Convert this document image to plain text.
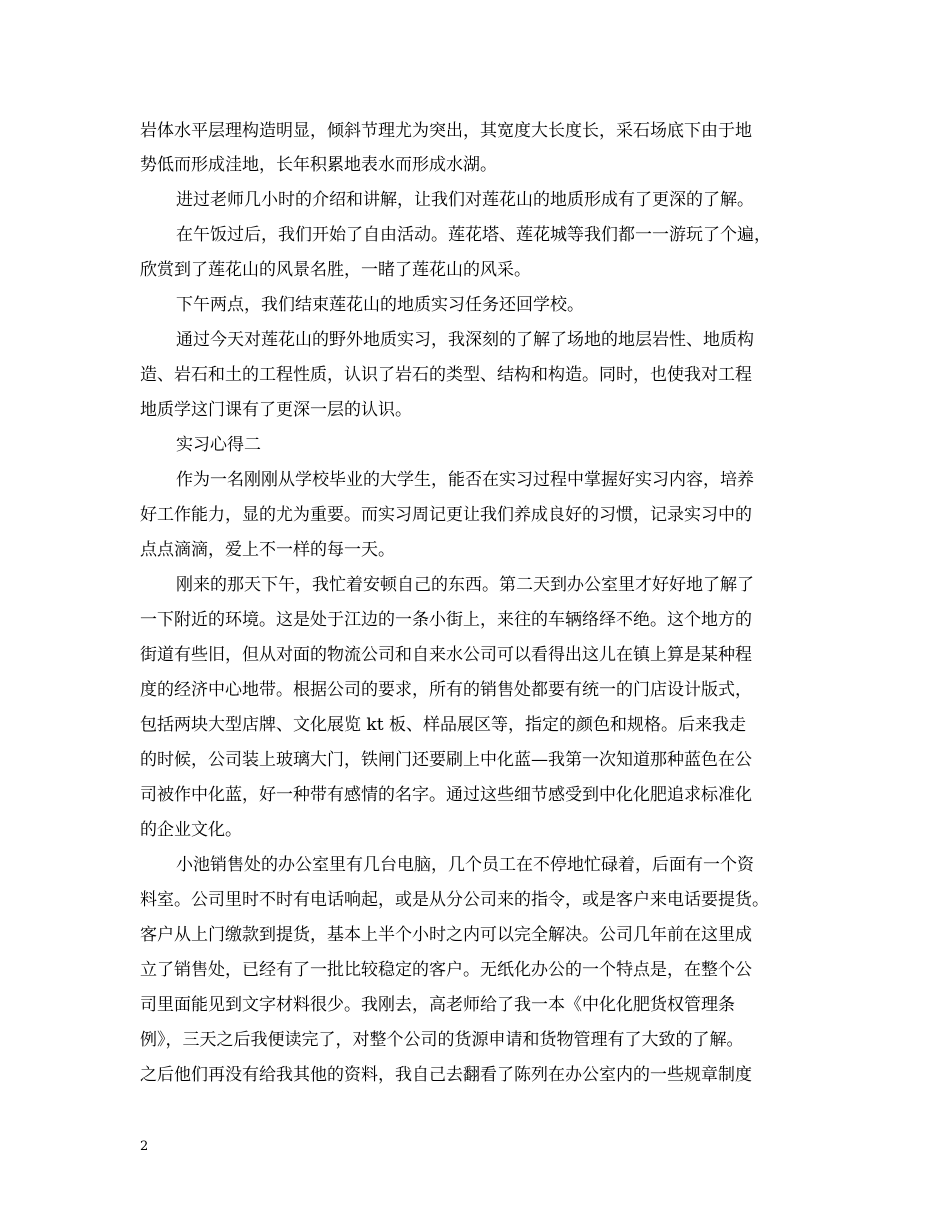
岩体水平层理构造明显，倾斜节理尤为突出，其宽度大长度长，采石场底下由于地
势低而形成洼地，长年积累地表水而形成水湖。
进过老师几小时的介绍和讲解，让我们对莲花山的地质形成有了更深的了解。
在午饭过后，我们开始了自由活动。莲花塔、莲花城等我们都一一游玩了个遍，
欣赏到了莲花山的风景名胜，一睹了莲花山的风采。
下午两点，我们结束莲花山的地质实习任务还回学校。
通过今天对莲花山的野外地质实习，我深刻的了解了场地的地层岩性、地质构
造、岩石和土的工程性质，认识了岩石的类型、结构和构造。同时，也使我对工程
地质学这门课有了更深一层的认识。
实习心得二
作为一名刚刚从学校毕业的大学生，能否在实习过程中掌握好实习内容，培养
好工作能力，显的尤为重要。而实习周记更让我们养成良好的习惯，记录实习中的
点点滴滴，爱上不一样的每一天。
刚来的那天下午，我忙着安顿自己的东西。第二天到办公室里才好好地了解了
一下附近的环境。这是处于江边的一条小街上，来往的车辆络绎不绝。这个地方的
街道有些旧，但从对面的物流公司和自来水公司可以看得出这儿在镇上算是某种程
度的经济中心地带。根据公司的要求，所有的销售处都要有统一的门店设计版式，
包括两块大型店牌、文化展览 kt 板、样品展区等，指定的颜色和规格。后来我走
的时候，公司装上玻璃大门，铁闸门还要刷上中化蓝—我第一次知道那种蓝色在公
司被作中化蓝，好一种带有感情的名字。通过这些细节感受到中化化肥追求标准化
的企业文化。
小池销售处的办公室里有几台电脑，几个员工在不停地忙碌着，后面有一个资
料室。公司里时不时有电话响起，或是从分公司来的指令，或是客户来电话要提货。
客户从上门缴款到提货，基本上半个小时之内可以完全解决。公司几年前在这里成
立了销售处，已经有了一批比较稳定的客户。无纸化办公的一个特点是，在整个公
司里面能见到文字材料很少。我刚去，高老师给了我一本《中化化肥货权管理条
例》，三天之后我便读完了，对整个公司的货源申请和货物管理有了大致的了解。
之后他们再没有给我其他的资料，我自己去翻看了陈列在办公室内的一些规章制度
2
